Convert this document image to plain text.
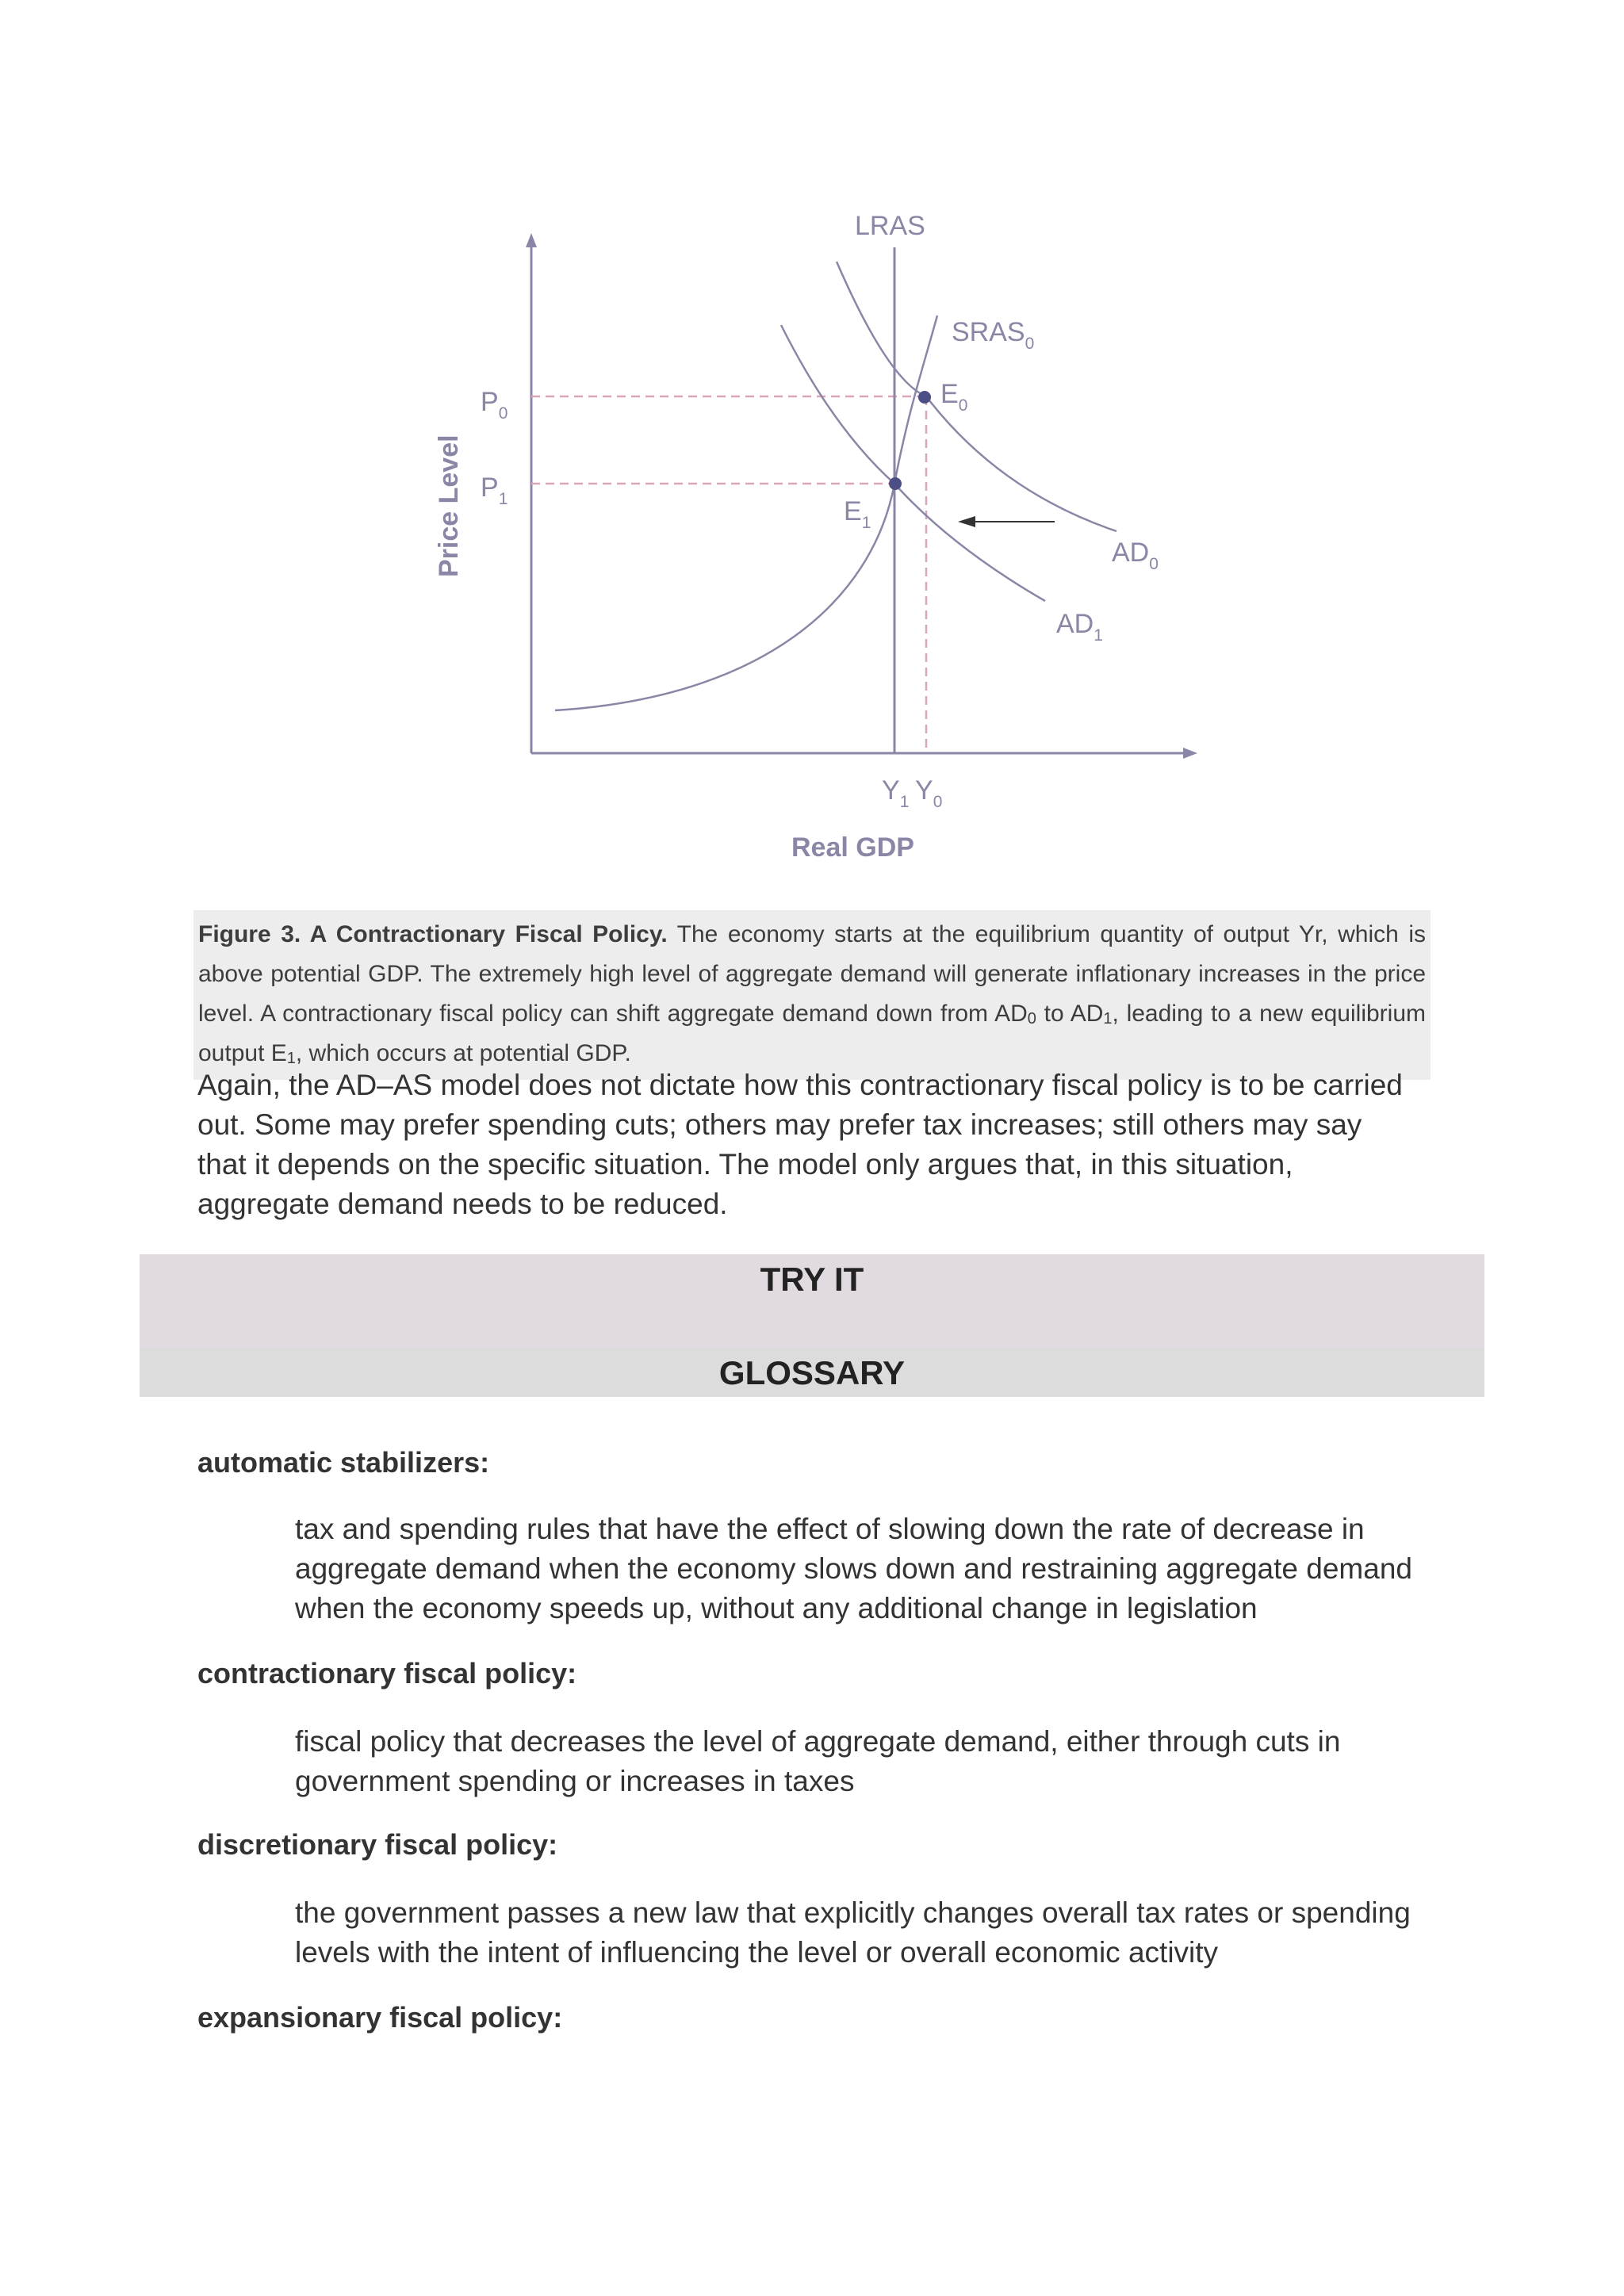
LRAS
$SRAS_0$
$E_0$
$E_1$
$AD_0$
$AD_1$
$P_0$
$P_1$
$Y_1$ $Y_0$
Real GDP
Price Level
Figure 3. A Contractionary Fiscal Policy. The economy starts at the equilibrium quantity of output Yr, which is above potential GDP. The extremely high level of aggregate demand will generate inflationary increases in the price level. A contractionary fiscal policy can shift aggregate demand down from $AD_0$ to $AD_1$, leading to a new equilibrium output $E_1$, which occurs at potential GDP.

Again, the AD–AS model does not dictate how this contractionary fiscal policy is to be carried out. Some may prefer spending cuts; others may prefer tax increases; still others may say that it depends on the specific situation. The model only argues that, in this situation, aggregate demand needs to be reduced.

TRY IT
GLOSSARY

automatic stabilizers:

tax and spending rules that have the effect of slowing down the rate of decrease in aggregate demand when the economy slows down and restraining aggregate demand when the economy speeds up, without any additional change in legislation

contractionary fiscal policy:

fiscal policy that decreases the level of aggregate demand, either through cuts in government spending or increases in taxes

discretionary fiscal policy:

the government passes a new law that explicitly changes overall tax rates or spending levels with the intent of influencing the level or overall economic activity

expansionary fiscal policy:
